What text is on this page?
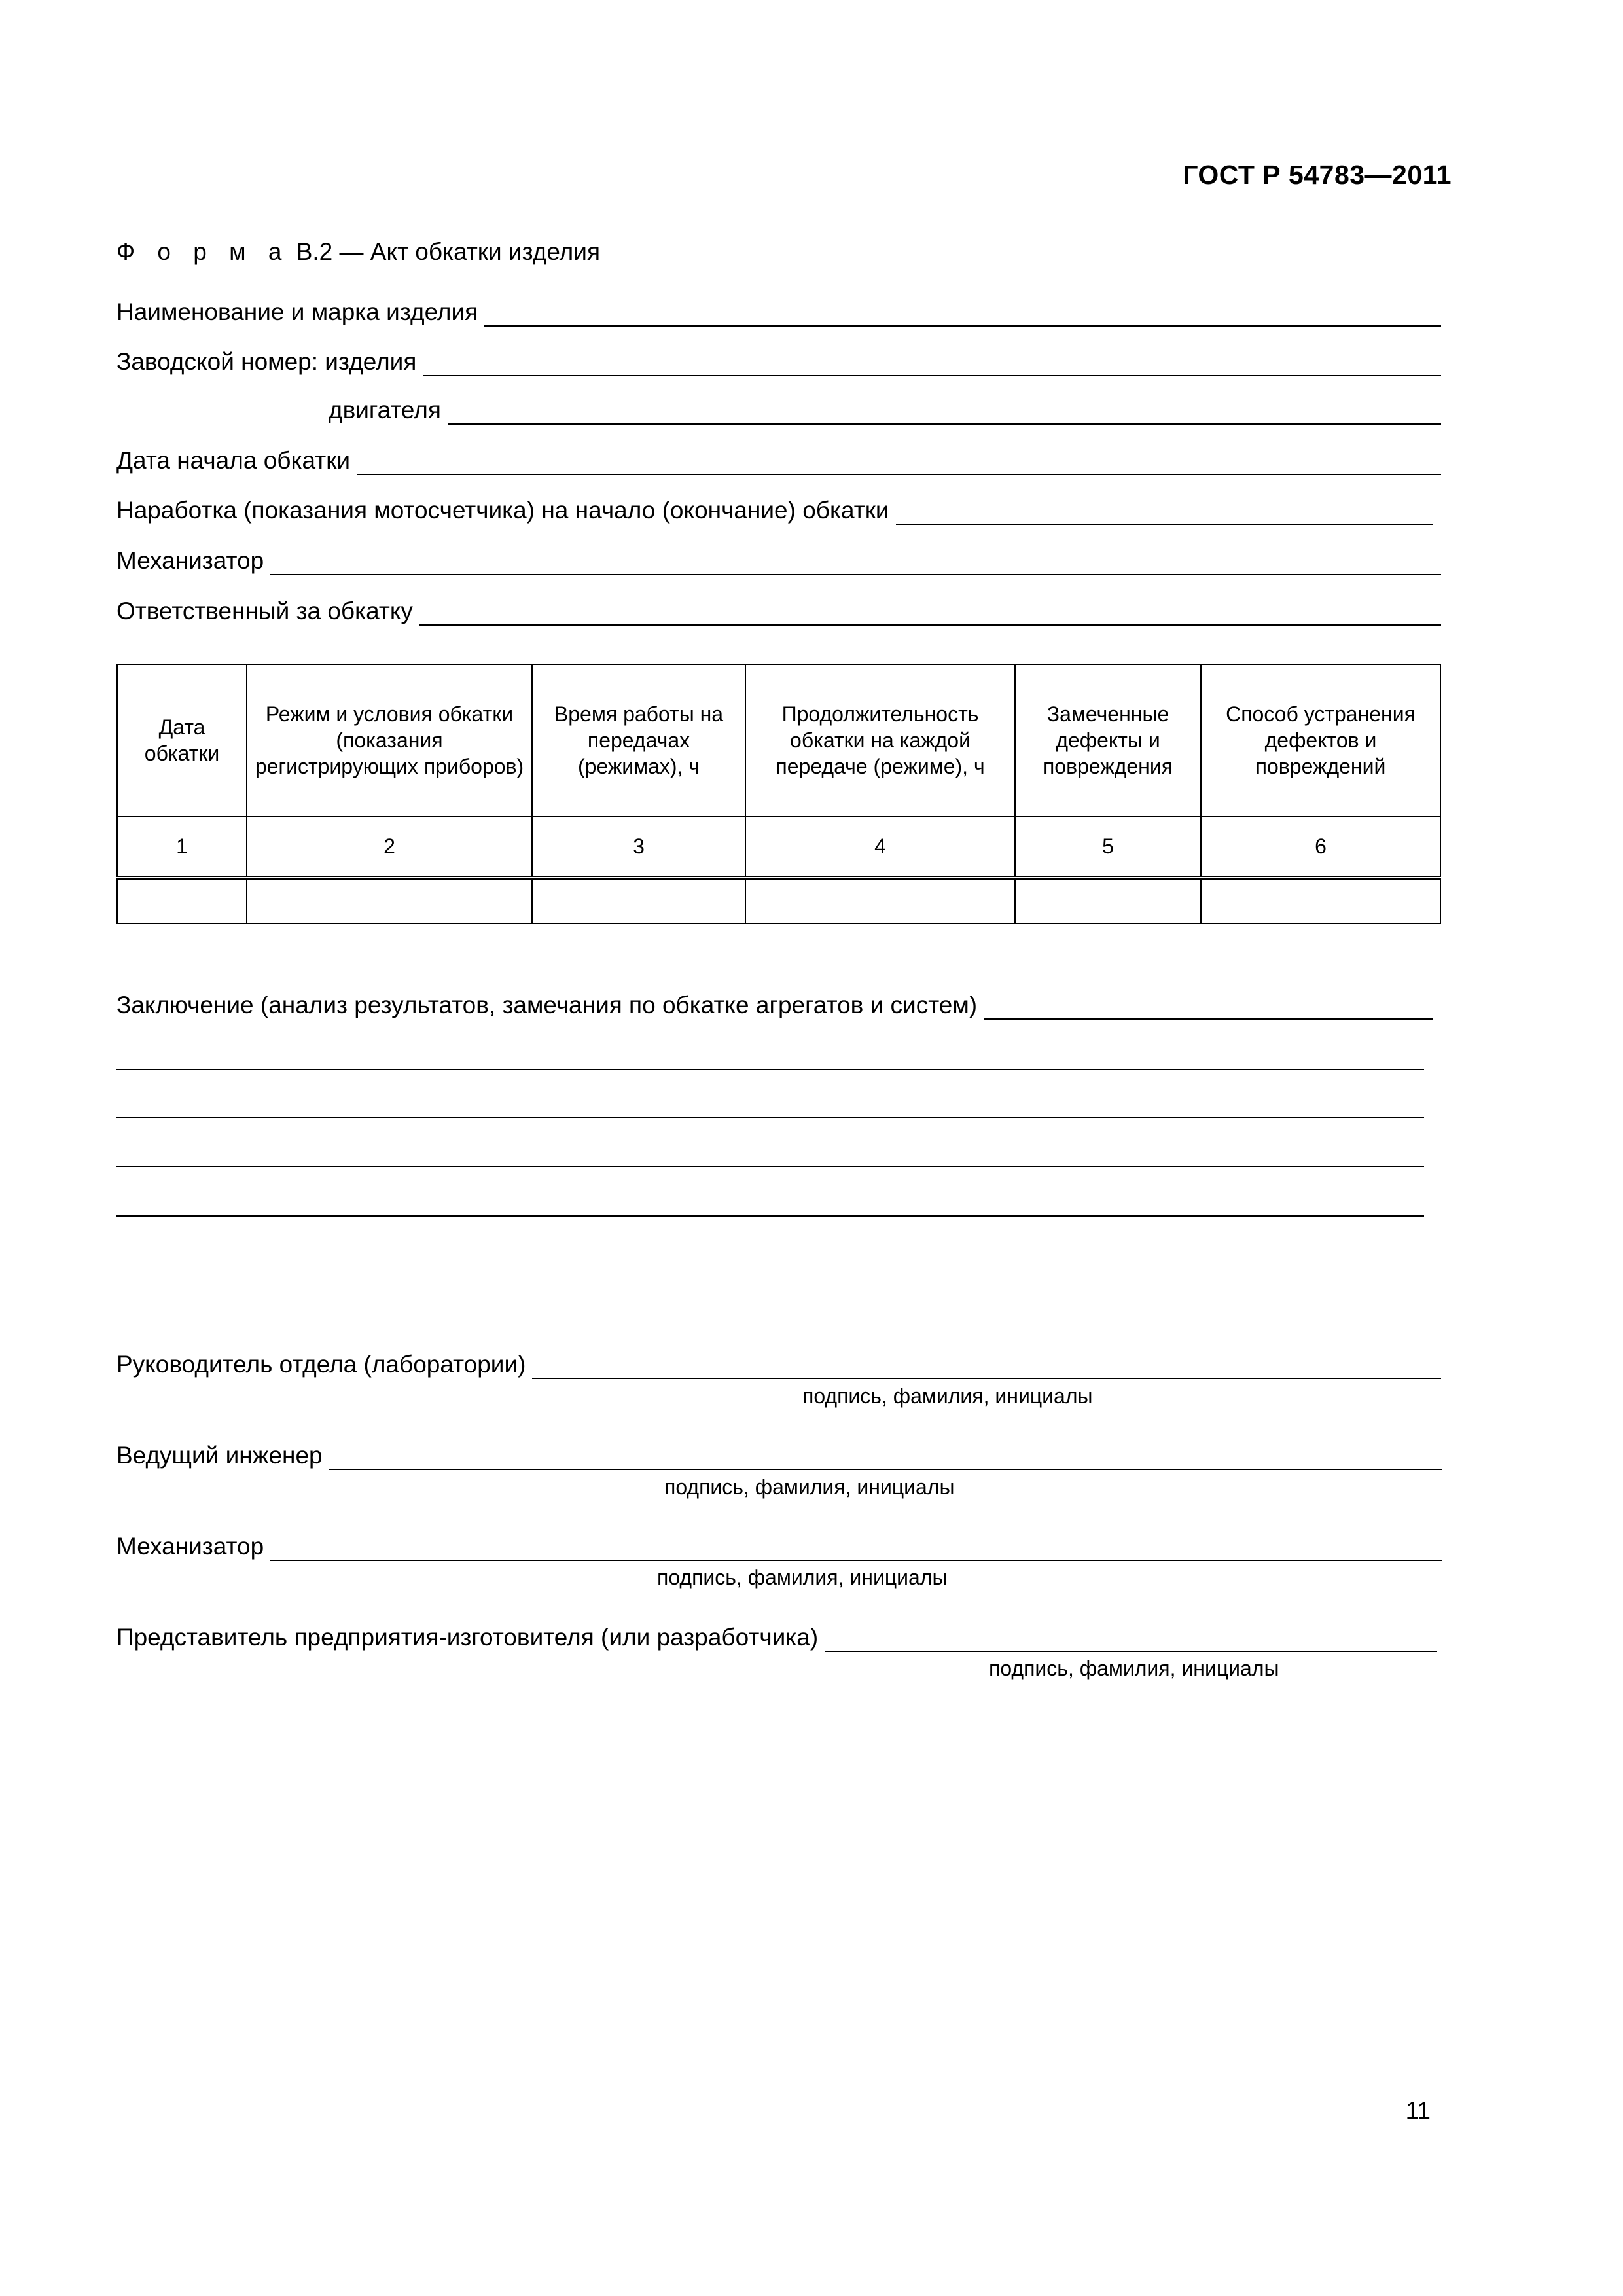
ГОСТ Р 54783—2011
Ф о р м а В.2 — Акт обкатки изделия
Наименование и марка изделия
Заводской номер: изделия
двигателя
Дата начала обкатки
Наработка (показания мотосчетчика) на начало (окончание) обкатки
Механизатор
Ответственный за обкатку
Дата обкатки	Режим и условия обкатки (показания регистрирующих приборов)	Время работы на передачах (режимах), ч	Продолжительность обкатки на каждой передаче (режиме), ч	Замеченные дефекты и повреждения	Способ устранения дефектов и повреждений
1	2	3	4	5	6

Заключение (анализ результатов, замечания по обкатке агрегатов и систем)
Руководитель отдела (лаборатории)
подпись, фамилия, инициалы
Ведущий инженер
подпись, фамилия, инициалы
Механизатор
подпись, фамилия, инициалы
Представитель предприятия-изготовителя (или разработчика)
подпись, фамилия, инициалы
11
